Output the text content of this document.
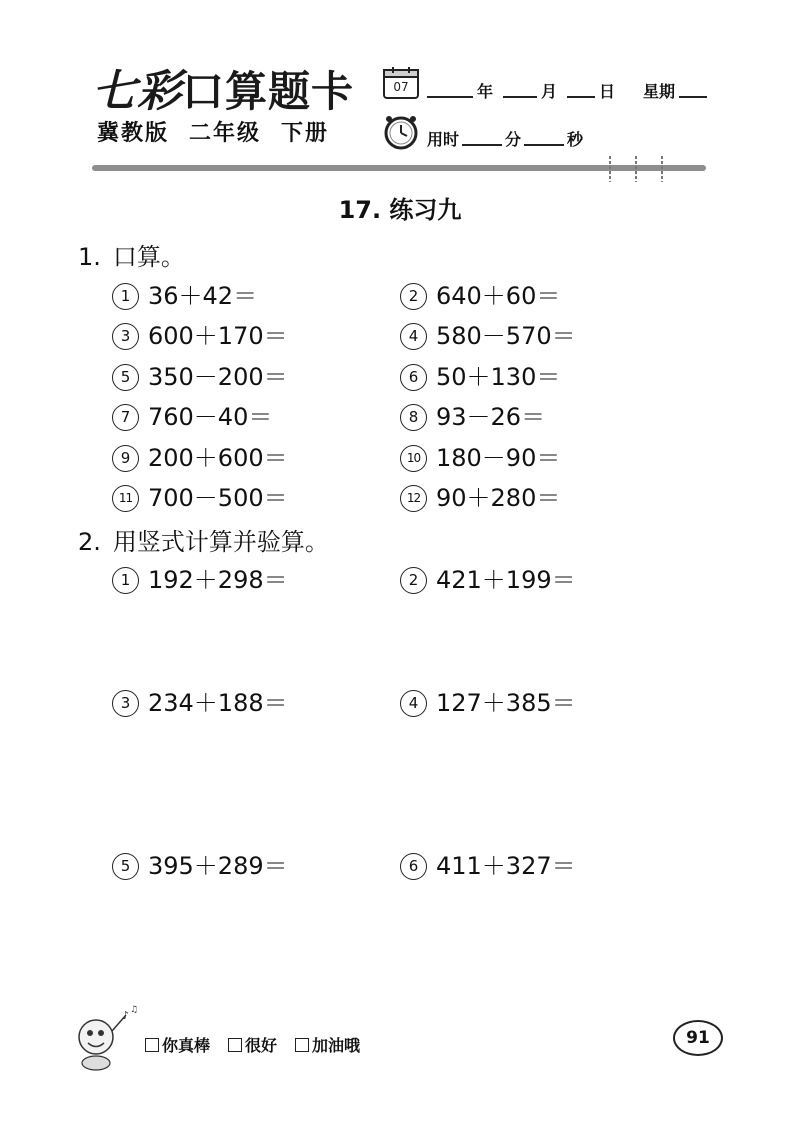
七彩口算题卡
冀教版 二年级 下册
07	年	月	日 星期
用时	分	秒
17. 练习九
1. 口算。
1 36＋42＝	2 640＋60＝
3 600＋170＝	4 580－570＝
5 350－200＝	6 50＋130＝
7 760－40＝	8 93－26＝
9 200＋600＝	10 180－90＝
11 700－500＝	12 90＋280＝
2. 用竖式计算并验算。
1 192＋298＝	2 421＋199＝
3 234＋188＝	4 127＋385＝
5 395＋289＝	6 411＋327＝
♪ ♫
你真棒 很好 加油哦	91
